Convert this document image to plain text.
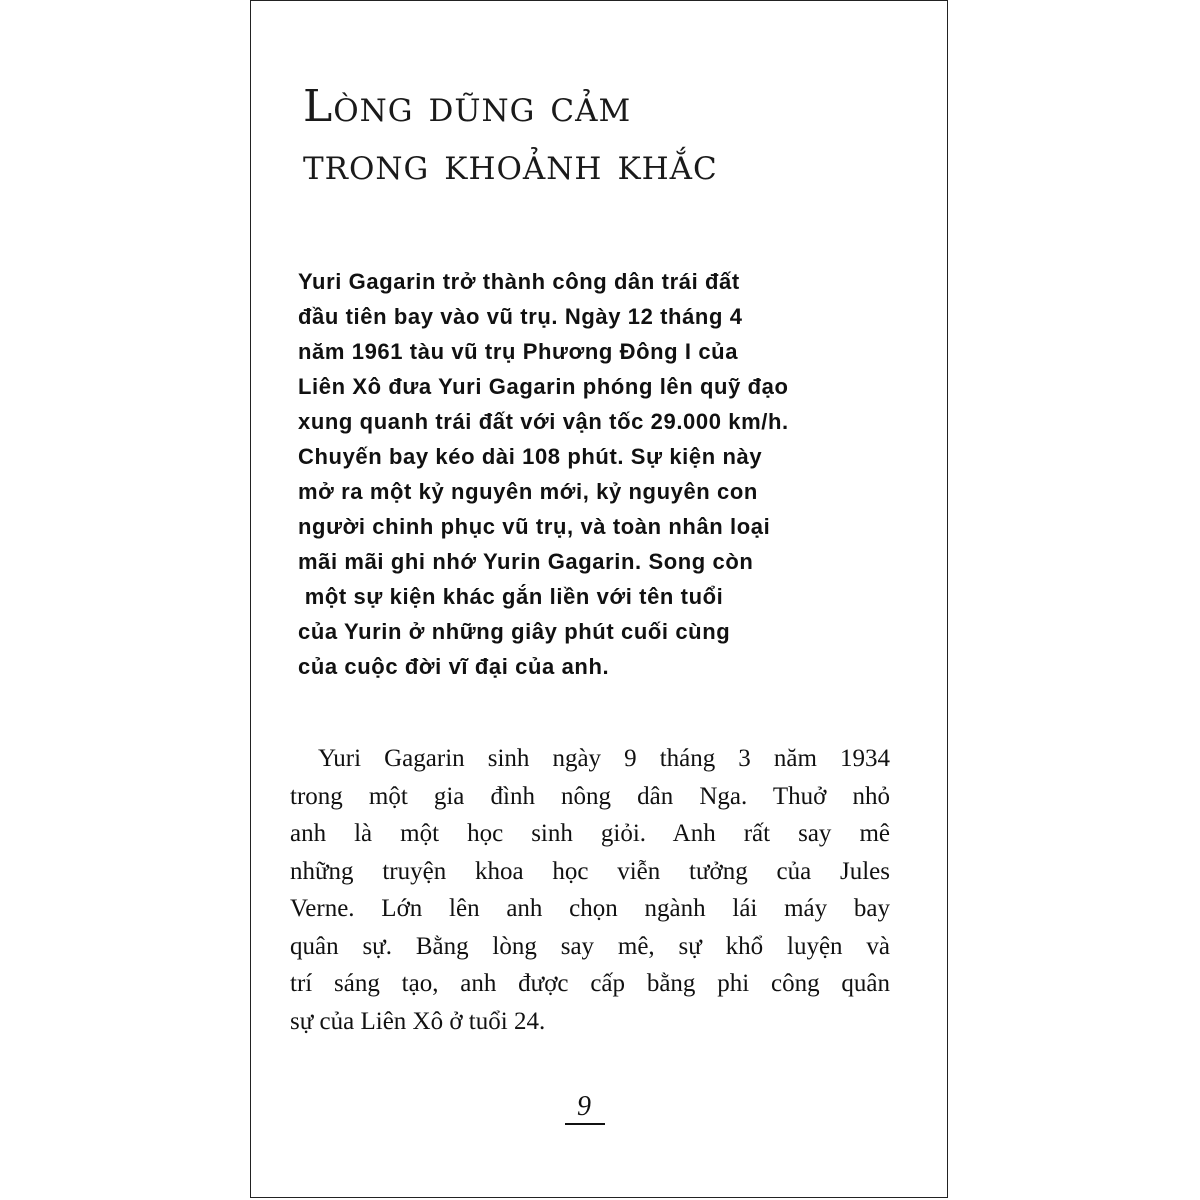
Lòng dũng cảm
trong khoảnh khắc
Yuri Gagarin trở thành công dân trái đất
đầu tiên bay vào vũ trụ. Ngày 12 tháng 4
năm 1961 tàu vũ trụ Phương Đông I của
Liên Xô đưa Yuri Gagarin phóng lên quỹ đạo
xung quanh trái đất với vận tốc 29.000 km/h.
Chuyến bay kéo dài 108 phút. Sự kiện này
mở ra một kỷ nguyên mới, kỷ nguyên con
người chinh phục vũ trụ, và toàn nhân loại
mãi mãi ghi nhớ Yurin Gagarin. Song còn
một sự kiện khác gắn liền với tên tuổi
của Yurin ở những giây phút cuối cùng
của cuộc đời vĩ đại của anh.
Yuri Gagarin sinh ngày 9 tháng 3 năm 1934
trong một gia đình nông dân Nga. Thuở nhỏ
anh là một học sinh giỏi. Anh rất say mê
những truyện khoa học viễn tưởng của Jules
Verne. Lớn lên anh chọn ngành lái máy bay
quân sự. Bằng lòng say mê, sự khổ luyện và
trí sáng tạo, anh được cấp bằng phi công quân
sự của Liên Xô ở tuổi 24.
9
